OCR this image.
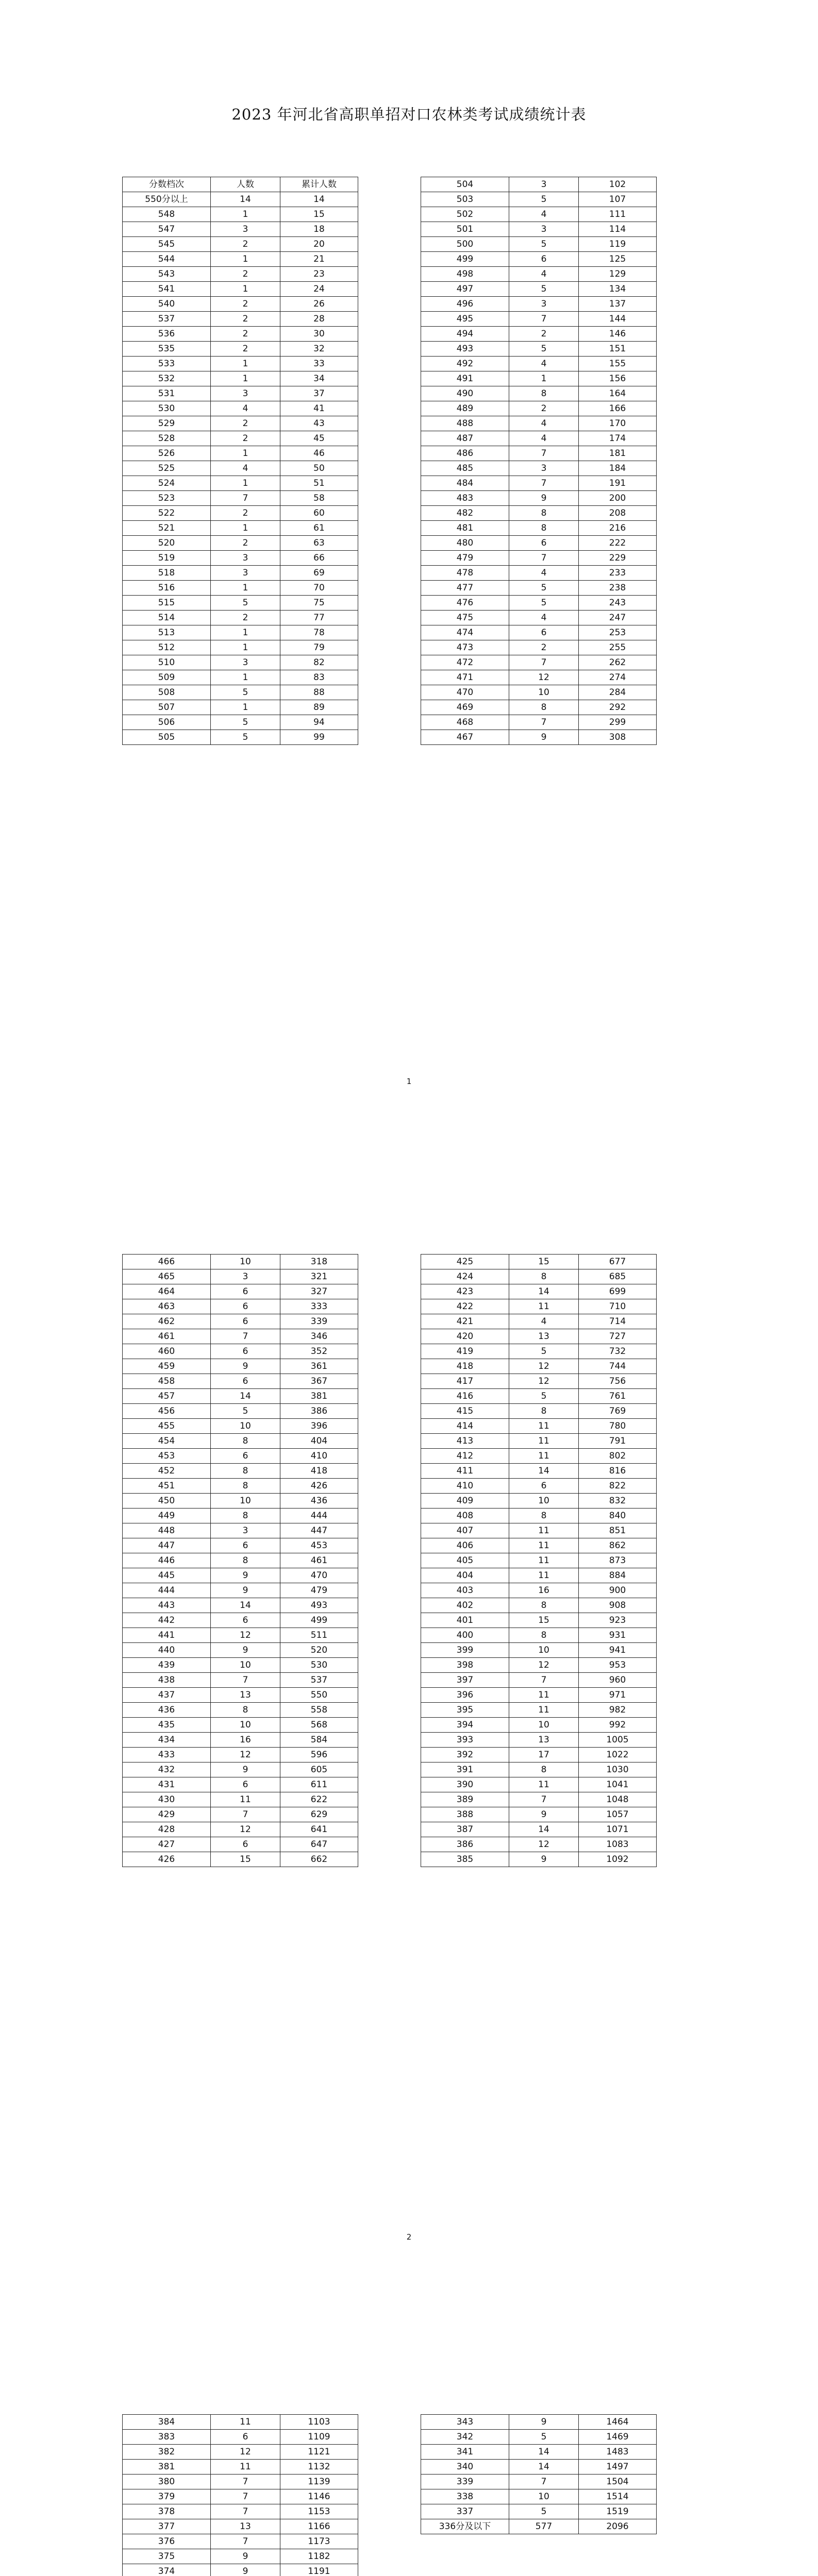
2023 年河北省高职单招对口农林类考试成绩统计表
分数档次	人数	累计人数
550分以上	14	14
548	1	15
547	3	18
545	2	20
544	1	21
543	2	23
541	1	24
540	2	26
537	2	28
536	2	30
535	2	32
533	1	33
532	1	34
531	3	37
530	4	41
529	2	43
528	2	45
526	1	46
525	4	50
524	1	51
523	7	58
522	2	60
521	1	61
520	2	63
519	3	66
518	3	69
516	1	70
515	5	75
514	2	77
513	1	78
512	1	79
510	3	82
509	1	83
508	5	88
507	1	89
506	5	94
505	5	99
504	3	102
503	5	107
502	4	111
501	3	114
500	5	119
499	6	125
498	4	129
497	5	134
496	3	137
495	7	144
494	2	146
493	5	151
492	4	155
491	1	156
490	8	164
489	2	166
488	4	170
487	4	174
486	7	181
485	3	184
484	7	191
483	9	200
482	8	208
481	8	216
480	6	222
479	7	229
478	4	233
477	5	238
476	5	243
475	4	247
474	6	253
473	2	255
472	7	262
471	12	274
470	10	284
469	8	292
468	7	299
467	9	308
1
466	10	318
465	3	321
464	6	327
463	6	333
462	6	339
461	7	346
460	6	352
459	9	361
458	6	367
457	14	381
456	5	386
455	10	396
454	8	404
453	6	410
452	8	418
451	8	426
450	10	436
449	8	444
448	3	447
447	6	453
446	8	461
445	9	470
444	9	479
443	14	493
442	6	499
441	12	511
440	9	520
439	10	530
438	7	537
437	13	550
436	8	558
435	10	568
434	16	584
433	12	596
432	9	605
431	6	611
430	11	622
429	7	629
428	12	641
427	6	647
426	15	662
425	15	677
424	8	685
423	14	699
422	11	710
421	4	714
420	13	727
419	5	732
418	12	744
417	12	756
416	5	761
415	8	769
414	11	780
413	11	791
412	11	802
411	14	816
410	6	822
409	10	832
408	8	840
407	11	851
406	11	862
405	11	873
404	11	884
403	16	900
402	8	908
401	15	923
400	8	931
399	10	941
398	12	953
397	7	960
396	11	971
395	11	982
394	10	992
393	13	1005
392	17	1022
391	8	1030
390	11	1041
389	7	1048
388	9	1057
387	14	1071
386	12	1083
385	9	1092
2
384	11	1103
383	6	1109
382	12	1121
381	11	1132
380	7	1139
379	7	1146
378	7	1153
377	13	1166
376	7	1173
375	9	1182
374	9	1191

343	9	1464
342	5	1469
341	14	1483
340	14	1497
339	7	1504
338	10	1514
337	5	1519
336分及以下	577	2096
